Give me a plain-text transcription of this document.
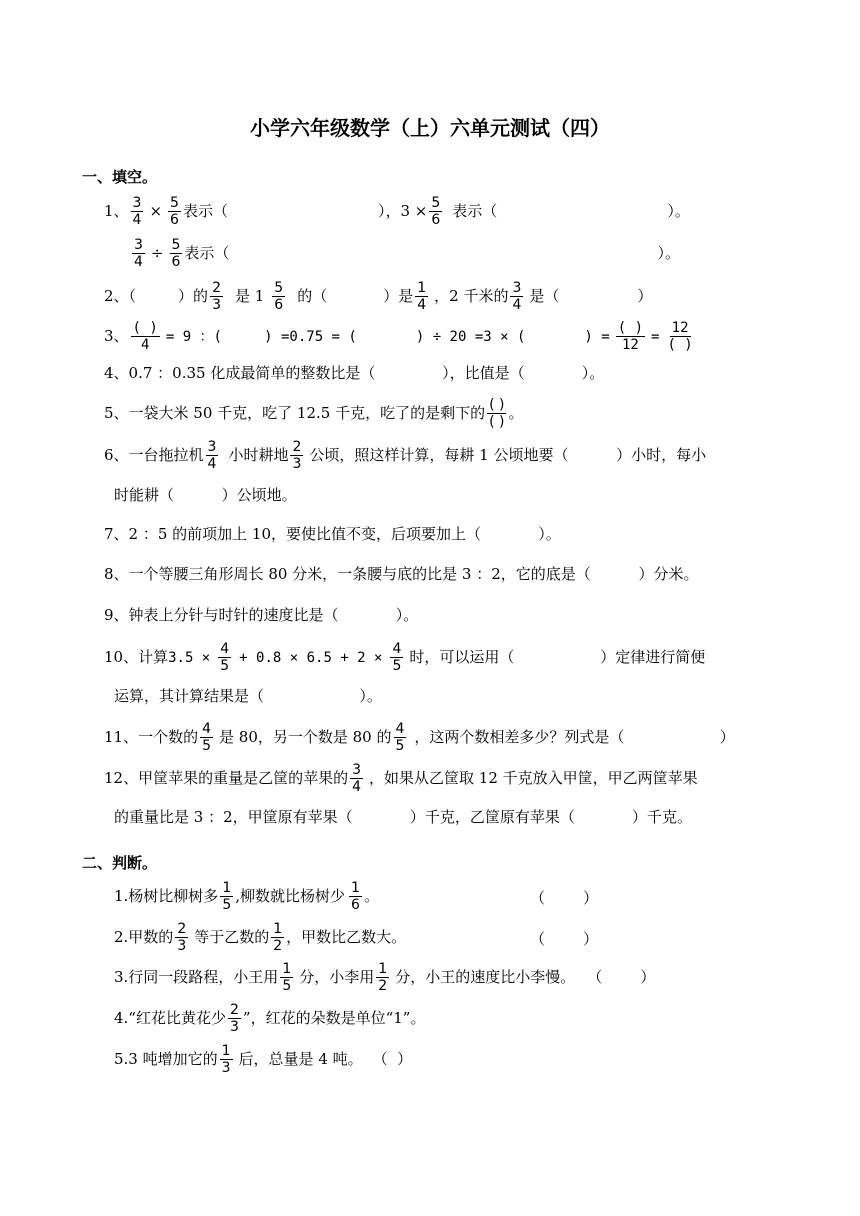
小学六年级数学（上）六单元测试（四）
一、填空。
1、 $\frac{3}{4} \times \frac{5}{6}$ 表示（	），$3 \times \frac{5}{6}$ 表示（	）。
$\frac{3}{4} \div \frac{5}{6}$ 表示（	）。
2、（	）的 $\frac{2}{3}$ 是 $1 \frac{5}{6}$ 的（	）是 $\frac{1}{4}$ ，2 千米的 $\frac{3}{4}$ 是（	）
3、 $\frac{( )}{4} = 9$ ：(     ) =0.75 = (       ) ÷ 20 =3 × (       ) = $\frac{( )}{12} = \frac{12}{( )}$
4、0.7 ：0.35 化成最简单的整数比是（              ），比值是（            ）。
5、一袋大米 50 千克，吃了 12.5 千克，吃了的是剩下的 $\frac{( )}{( )}$ 。
6、一台拖拉机 $\frac{3}{4}$ 小时耕地 $\frac{2}{3}$ 公顷，照这样计算，每耕 1 公顷地要（          ）小时，每小
时能耕（          ）公顷地。
7、2 ：5 的前项加上 10，要使比值不变，后项要加上（            ）。
8、一个等腰三角形周长 80 分米，一条腰与底的比是 3 ：2，它的底是（          ）分米。
9、钟表上分针与时针的速度比是（            ）。
10、计算 $3.5 \times \frac{4}{5} + 0.8 \times 6.5 + 2 \times \frac{4}{5}$ 时，可以运用（                  ）定律进行简便
运算，其计算结果是（                    ）。
11、一个数的 $\frac{4}{5}$ 是 80，另一个数是 80 的 $\frac{4}{5}$ ，这两个数相差多少？列式是（                    ）
12、甲筐苹果的重量是乙筐的苹果的 $\frac{3}{4}$ ，如果从乙筐取 12 千克放入甲筐，甲乙两筐苹果
的重量比是 3 ：2，甲筐原有苹果（            ）千克，乙筐原有苹果（            ）千克。
二、判断。
1.杨树比柳树多 $\frac{1}{5}$ ,柳数就比杨树少 $\frac{1}{6}$ 。	（        ）
2.甲数的 $\frac{2}{3}$ 等于乙数的 $\frac{1}{2}$ ，甲数比乙数大。	（        ）
3.行同一段路程，小王用 $\frac{1}{5}$ 分，小李用 $\frac{1}{2}$ 分，小王的速度比小李慢。 （        ）
4.“红花比黄花少 $\frac{2}{3}$ ”，红花的朵数是单位“1”。
5.3 吨增加它的 $\frac{1}{3}$ 后，总量是 4 吨。 （  ）
